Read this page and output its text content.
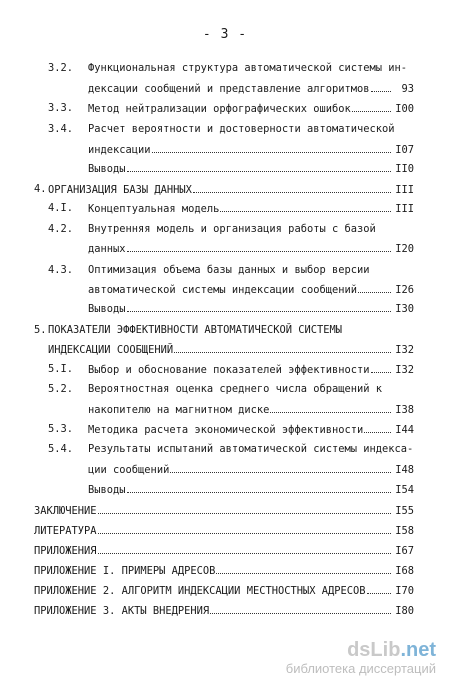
- 3 -
3.2. Функциональная структура автоматической системы ин-
дексации сообщений и представление алгоритмов	93
3.3. Метод нейтрализации орфографических ошибок	I00
3.4. Расчет вероятности и достоверности автоматической
индексации	I07
Выводы	II0
4. ОРГАНИЗАЦИЯ БАЗЫ ДАННЫХ	III
4.I. Концептуальная модель	III
4.2. Внутренняя модель и организация работы с базой
данных	I20
4.3. Оптимизация объема базы данных и выбор версии
автоматической системы индексации сообщений	I26
Выводы	I30
5. ПОКАЗАТЕЛИ ЭФФЕКТИВНОСТИ АВТОМАТИЧЕСКОЙ СИСТЕМЫ
ИНДЕКСАЦИИ СООБЩЕНИЙ	I32
5.I. Выбор и обоснование показателей эффективности	I32
5.2. Вероятностная оценка среднего числа обращений к
накопителю на магнитном диске	I38
5.3. Методика расчета экономической эффективности	I44
5.4. Результаты испытаний автоматической системы индекса-
ции сообщений	I48
Выводы	I54
ЗАКЛЮЧЕНИЕ	I55
ЛИТЕРАТУРА	I58
ПРИЛОЖЕНИЯ	I67
ПРИЛОЖЕНИЕ I. ПРИМЕРЫ АДРЕСОВ	I68
ПРИЛОЖЕНИЕ 2. АЛГОРИТМ ИНДЕКСАЦИИ МЕСТНОСТНЫХ АДРЕСОВ	I70
ПРИЛОЖЕНИЕ 3. АКТЫ ВНЕДРЕНИЯ	I80
dsLib.net
библиотека диссертаций
